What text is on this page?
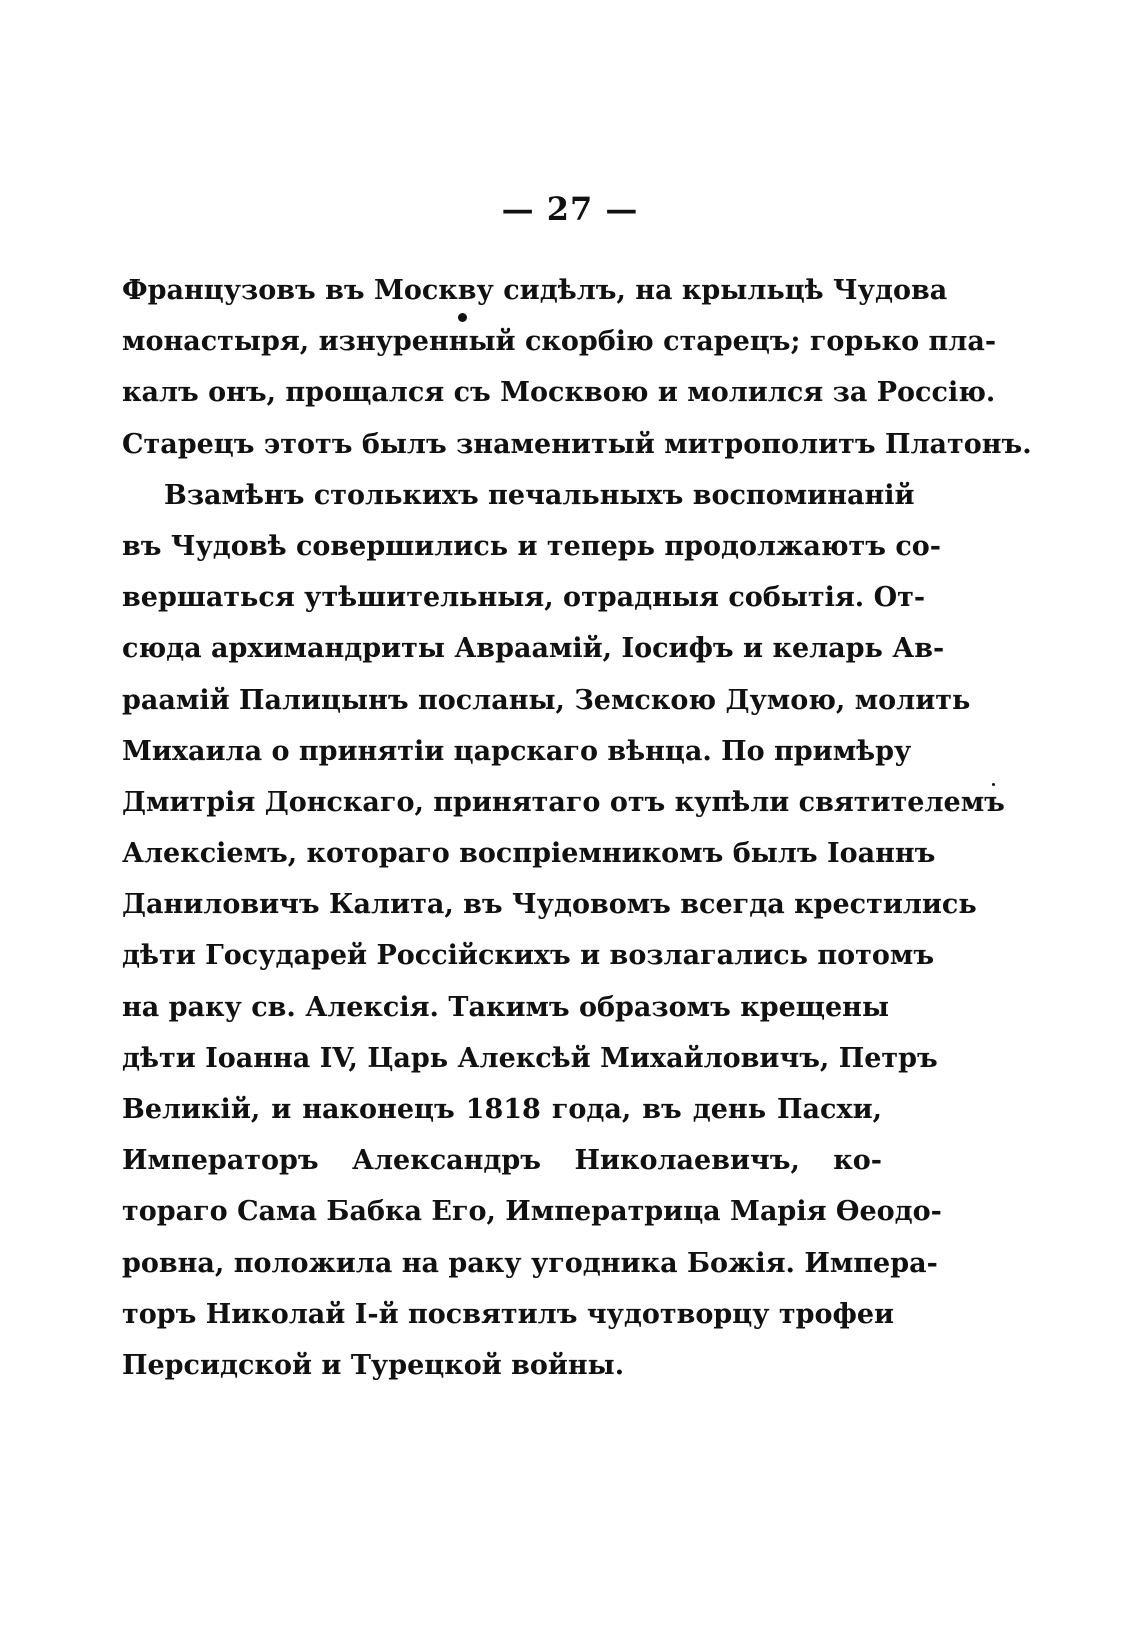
— 27 —
Французовъ въ Москву сидѣлъ, на крыльцѣ Чудова
монастыря, изнуренный скорбію старецъ; горько пла-
калъ онъ, прощался съ Москвою и молился за Россію.
Старецъ этотъ былъ знаменитый митрополитъ Платонъ.
Взамѣнъ столькихъ печальныхъ воспоминаній
въ Чудовѣ совершились и теперь продолжаютъ со-
вершаться утѣшительныя, отрадныя событія. От-
сюда архимандриты Авраамій, Іосифъ и келарь Ав-
раамій Палицынъ посланы, Земскою Думою, молить
Михаила о принятіи царскаго вѣнца. По примѣру
Дмитрія Донскаго, принятаго отъ купѣли святителемъ
Алексіемъ, котораго воспріемникомъ былъ Іоаннъ
Даниловичъ Калита, въ Чудовомъ всегда крестились
дѣти Государей Россійскихъ и возлагались потомъ
на раку св. Алексія. Такимъ образомъ крещены
дѣти Іоанна IV, Царь Алексѣй Михайловичъ, Петръ
Великій, и наконецъ 1818 года, въ день Пасхи,
Императоръ Александръ Николаевичъ, ко-
тораго Сама Бабка Его, Императрица Марія Ѳеодо-
ровна, положила на раку угодника Божія. Импера-
торъ Николай I-й посвятилъ чудотворцу трофеи
Персидской и Турецкой войны.
